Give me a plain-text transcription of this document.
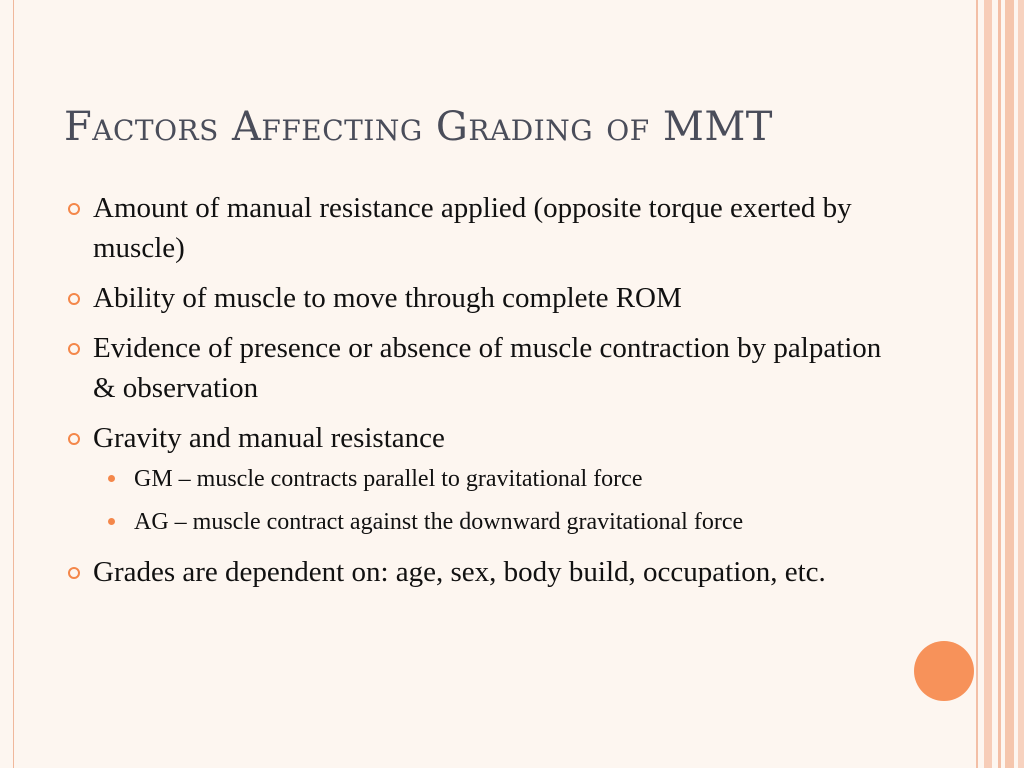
Factors Affecting Grading of MMT
Amount of manual resistance applied (opposite torque exerted by muscle)
Ability of muscle to move through complete ROM
Evidence of presence or absence of muscle contraction by palpation & observation
Gravity and manual resistance
GM – muscle contracts parallel to gravitational force
AG – muscle contract against the downward gravitational force
Grades are dependent on: age, sex, body build, occupation, etc.
